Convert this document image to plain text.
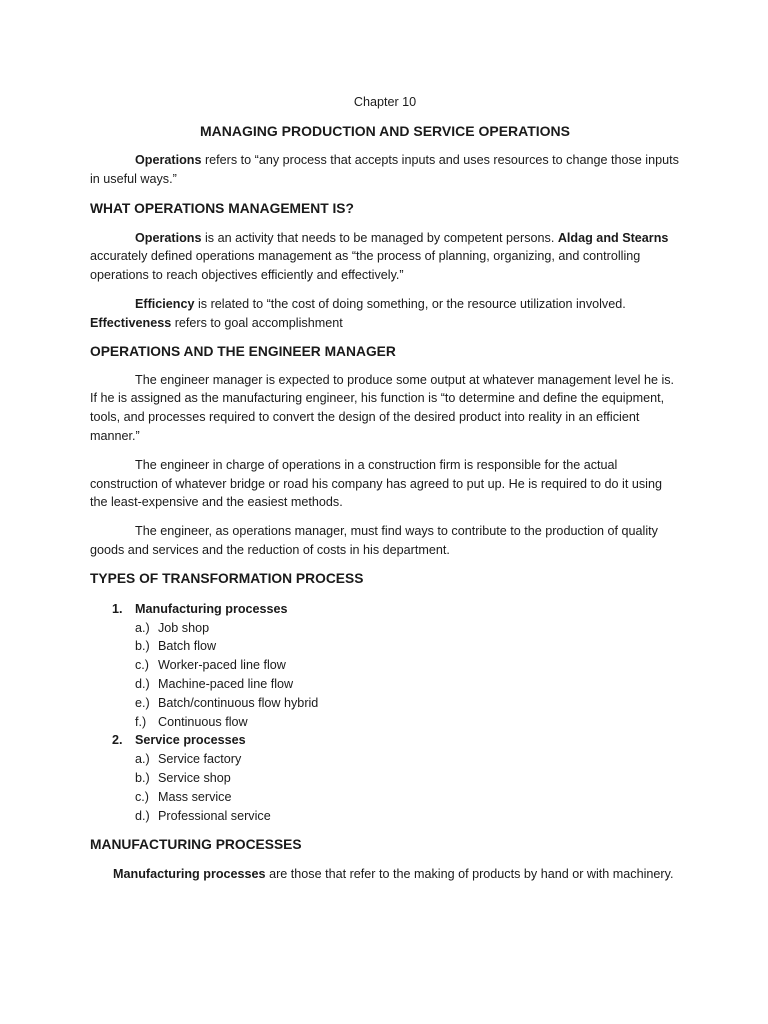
Chapter 10

MANAGING PRODUCTION AND SERVICE OPERATIONS

Operations refers to “any process that accepts inputs and uses resources to change those inputs in useful ways.”

WHAT OPERATIONS MANAGEMENT IS?

Operations is an activity that needs to be managed by competent persons. Aldag and Stearns accurately defined operations management as “the process of planning, organizing, and controlling operations to reach objectives efficiently and effectively.”

Efficiency is related to “the cost of doing something, or the resource utilization involved. Effectiveness refers to goal accomplishment

OPERATIONS AND THE ENGINEER MANAGER

The engineer manager is expected to produce some output at whatever management level he is. If he is assigned as the manufacturing engineer, his function is “to determine and define the equipment, tools, and processes required to convert the design of the desired product into reality in an efficient manner.”

The engineer in charge of operations in a construction firm is responsible for the actual construction of whatever bridge or road his company has agreed to put up. He is required to do it using the least-expensive and the easiest methods.

The engineer, as operations manager, must find ways to contribute to the production of quality goods and services and the reduction of costs in his department.

TYPES OF TRANSFORMATION PROCESS

1. Manufacturing processes
a.) Job shop
b.) Batch flow
c.) Worker-paced line flow
d.) Machine-paced line flow
e.) Batch/continuous flow hybrid
f.) Continuous flow
2. Service processes
a.) Service factory
b.) Service shop
c.) Mass service
d.) Professional service

MANUFACTURING PROCESSES

Manufacturing processes are those that refer to the making of products by hand or with machinery.
